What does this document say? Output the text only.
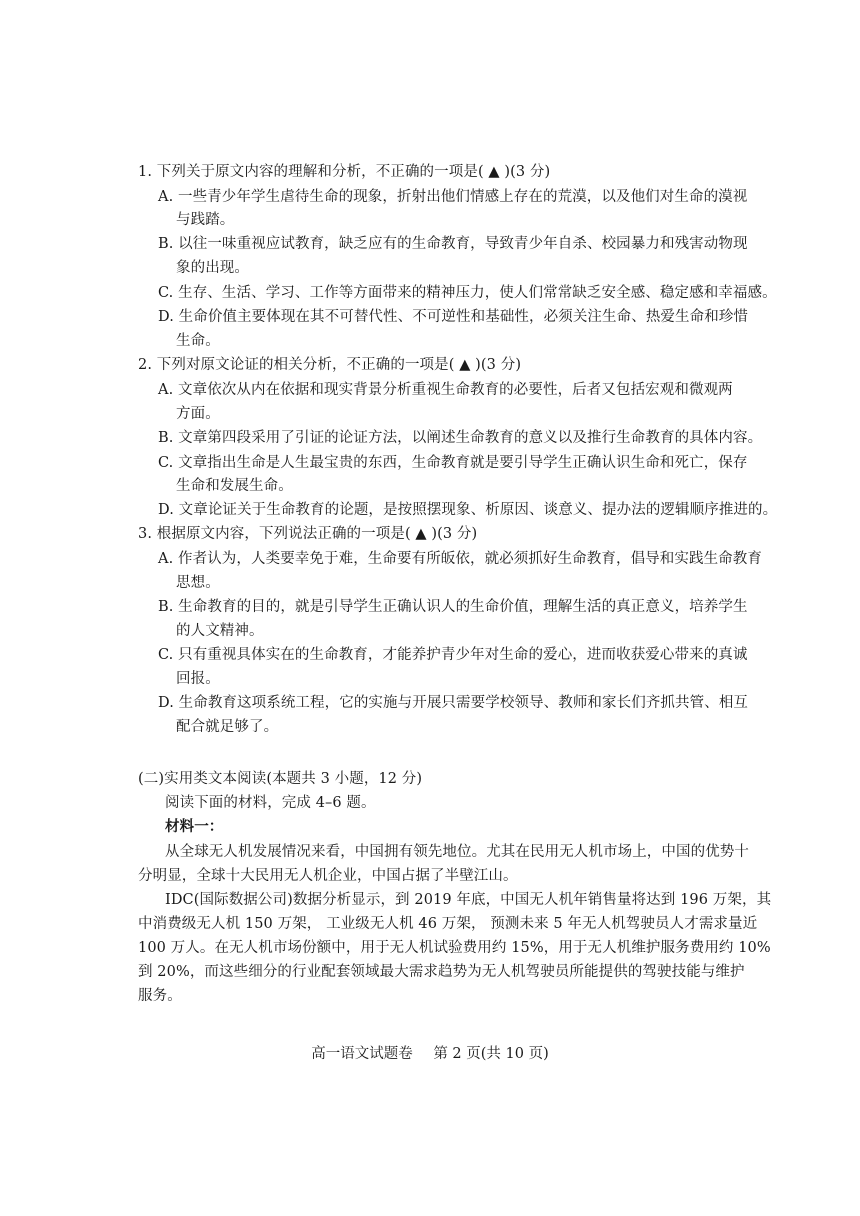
1. 下列关于原文内容的理解和分析，不正确的一项是( ▲ )(3 分)
A. 一些青少年学生虐待生命的现象，折射出他们情感上存在的荒漠，以及他们对生命的漠视
与践踏。
B. 以往一味重视应试教育，缺乏应有的生命教育，导致青少年自杀、校园暴力和残害动物现
象的出现。
C. 生存、生活、学习、工作等方面带来的精神压力，使人们常常缺乏安全感、稳定感和幸福感。
D. 生命价值主要体现在其不可替代性、不可逆性和基础性，必须关注生命、热爱生命和珍惜
生命。
2. 下列对原文论证的相关分析，不正确的一项是( ▲ )(3 分)
A. 文章依次从内在依据和现实背景分析重视生命教育的必要性，后者又包括宏观和微观两
方面。
B. 文章第四段采用了引证的论证方法，以阐述生命教育的意义以及推行生命教育的具体内容。
C. 文章指出生命是人生最宝贵的东西，生命教育就是要引导学生正确认识生命和死亡，保存
生命和发展生命。
D. 文章论证关于生命教育的论题，是按照摆现象、析原因、谈意义、提办法的逻辑顺序推进的。
3. 根据原文内容，下列说法正确的一项是( ▲ )(3 分)
A. 作者认为，人类要幸免于难，生命要有所皈依，就必须抓好生命教育，倡导和实践生命教育
思想。
B. 生命教育的目的，就是引导学生正确认识人的生命价值，理解生活的真正意义，培养学生
的人文精神。
C. 只有重视具体实在的生命教育，才能养护青少年对生命的爱心，进而收获爱心带来的真诚
回报。
D. 生命教育这项系统工程，它的实施与开展只需要学校领导、教师和家长们齐抓共管、相互
配合就足够了。
(二)实用类文本阅读(本题共 3 小题，12 分)
阅读下面的材料，完成 4–6 题。
材料一：
从全球无人机发展情况来看，中国拥有领先地位。尤其在民用无人机市场上，中国的优势十
分明显，全球十大民用无人机企业，中国占据了半壁江山。
IDC(国际数据公司)数据分析显示，到 2019 年底，中国无人机年销售量将达到 196 万架，其
中消费级无人机 150 万架， 工业级无人机 46 万架， 预测未来 5 年无人机驾驶员人才需求量近
100 万人。在无人机市场份额中，用于无人机试验费用约 15%，用于无人机维护服务费用约 10%
到 20%，而这些细分的行业配套领域最大需求趋势为无人机驾驶员所能提供的驾驶技能与维护
服务。
高一语文试题卷 第 2 页(共 10 页)
